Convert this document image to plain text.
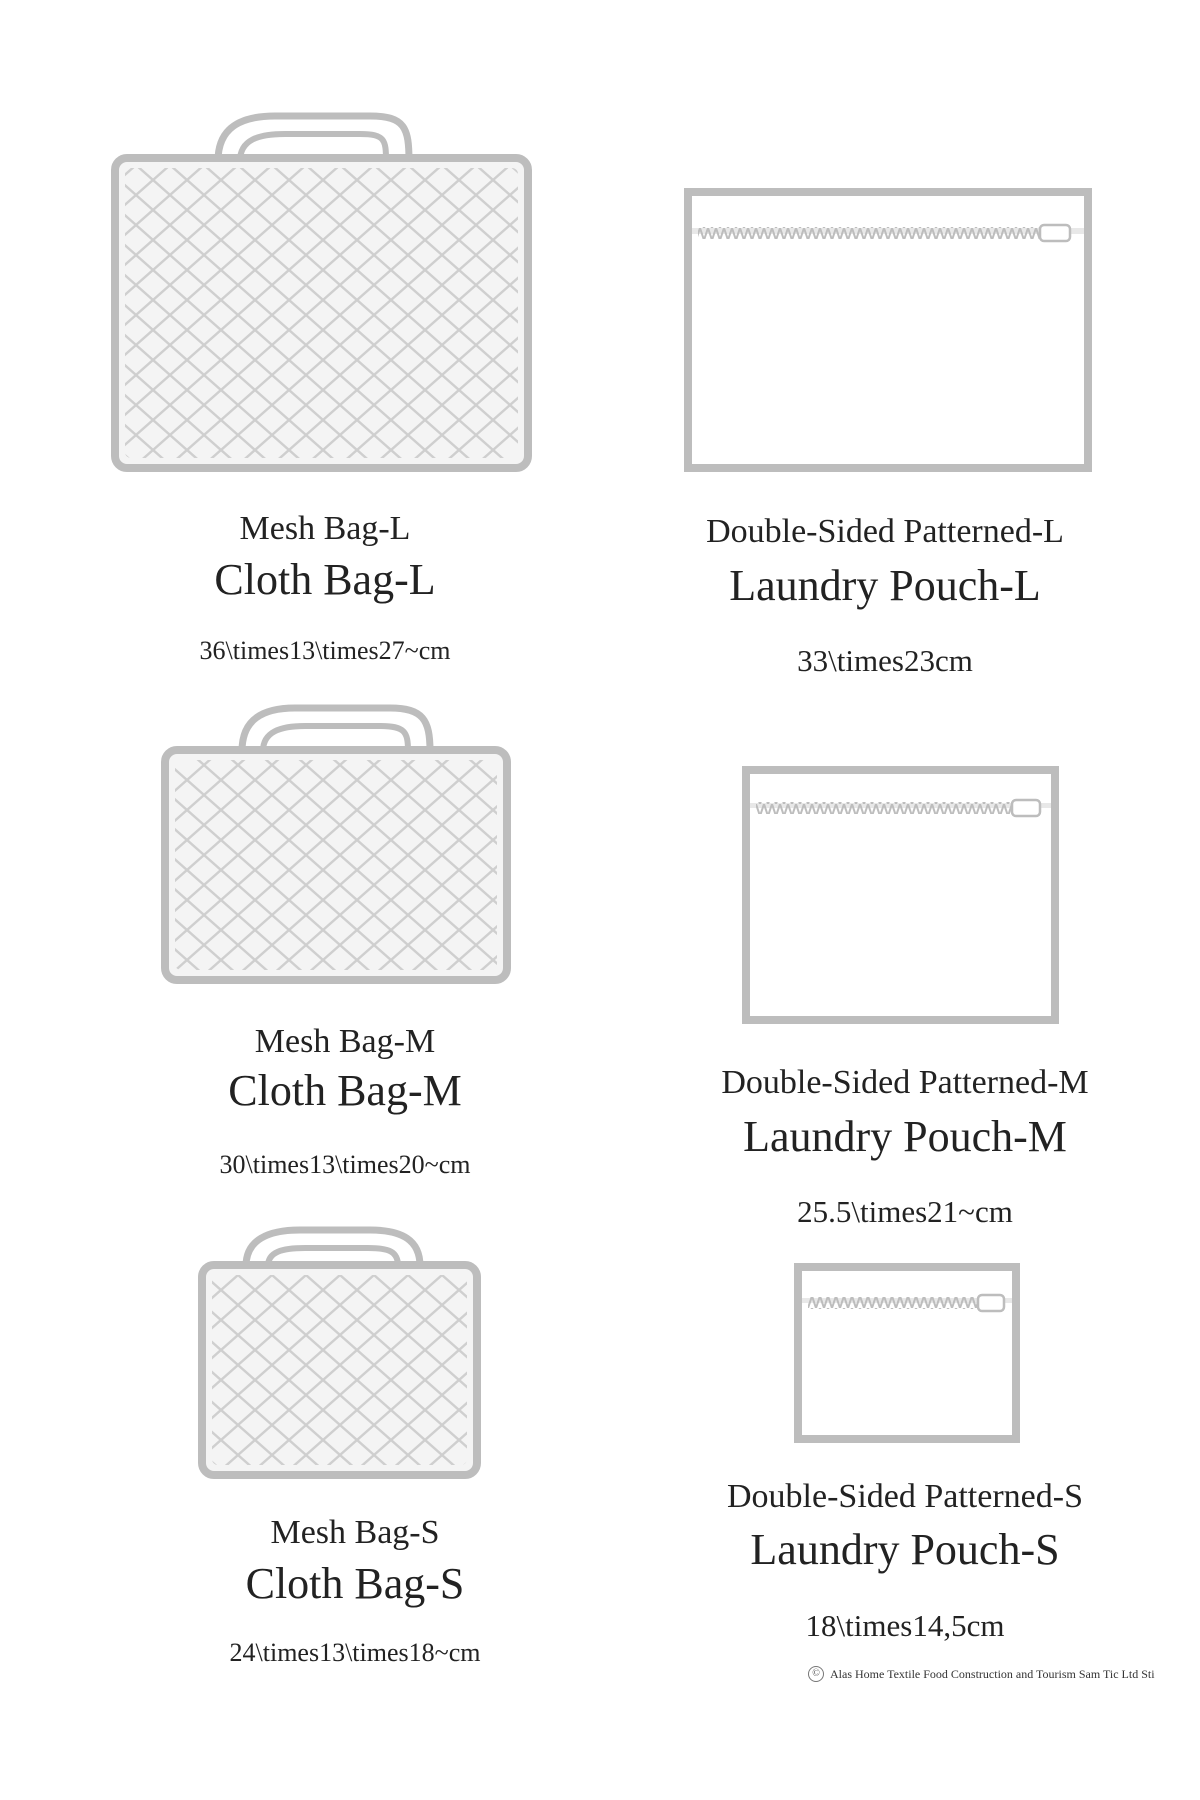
Mesh Bag-L
Cloth Bag-L
36\times13\times27~cm
Double-Sided Patterned-L
Laundry Pouch-L
33\times23cm
Mesh Bag-M
Cloth Bag-M
30\times13\times20~cm
Double-Sided Patterned-M
Laundry Pouch-M
25.5\times21~cm
Mesh Bag-S
Cloth Bag-S
24\times13\times18~cm
Double-Sided Patterned-S
Laundry Pouch-S
18\times14,5cm
© Alas Home Textile Food Construction and Tourism Sam Tic Ltd Sti
